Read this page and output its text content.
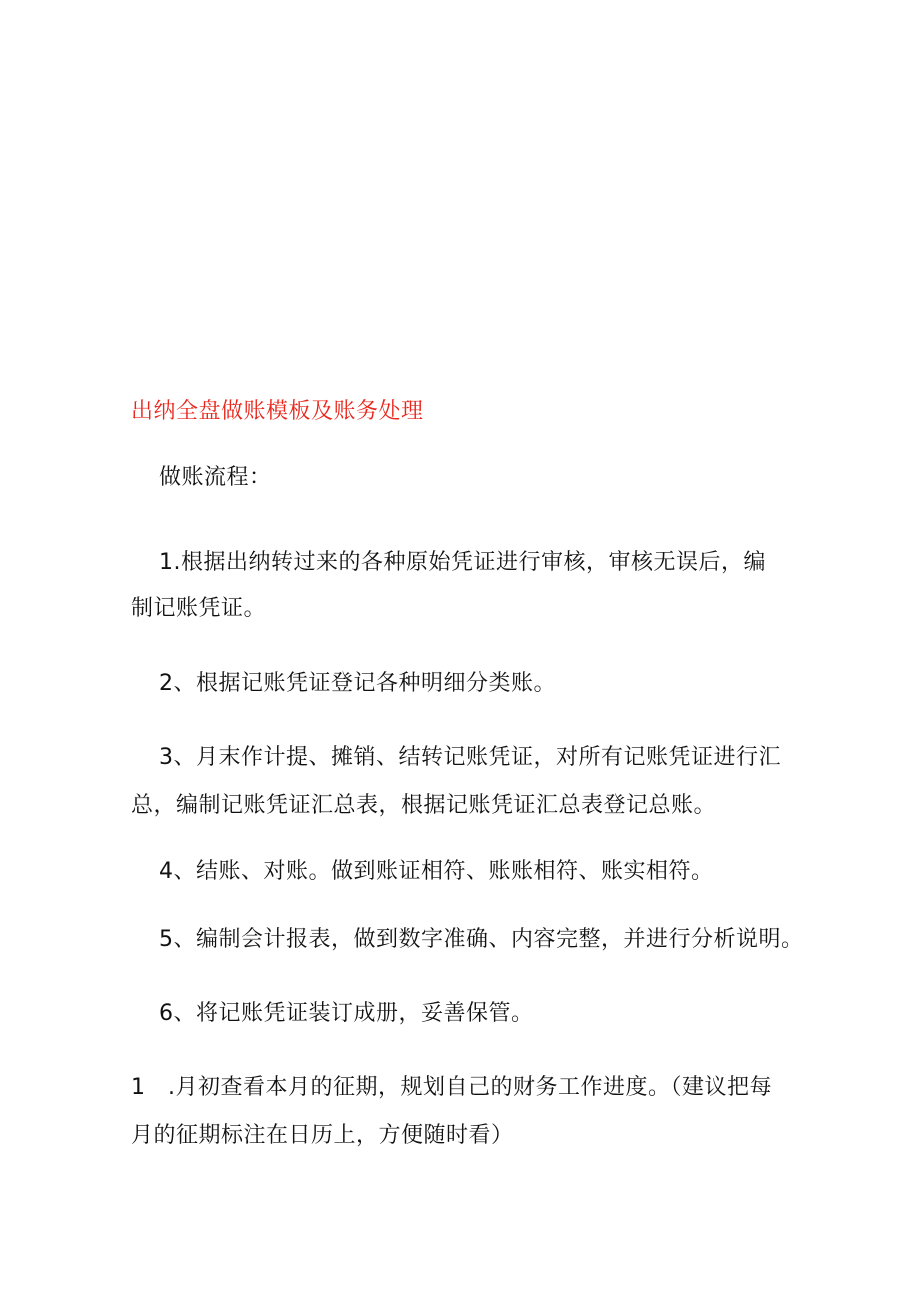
出纳全盘做账模板及账务处理
做账流程：
1.根据出纳转过来的各种原始凭证进行审核，审核无误后，编
制记账凭证。
2、根据记账凭证登记各种明细分类账。
3、月末作计提、摊销、结转记账凭证，对所有记账凭证进行汇
总，编制记账凭证汇总表，根据记账凭证汇总表登记总账。
4、结账、对账。做到账证相符、账账相符、账实相符。
5、编制会计报表，做到数字准确、内容完整，并进行分析说明。
6、将记账凭证装订成册，妥善保管。
1　.月初查看本月的征期，规划自己的财务工作进度。（建议把每
月的征期标注在日历上，方便随时看）
